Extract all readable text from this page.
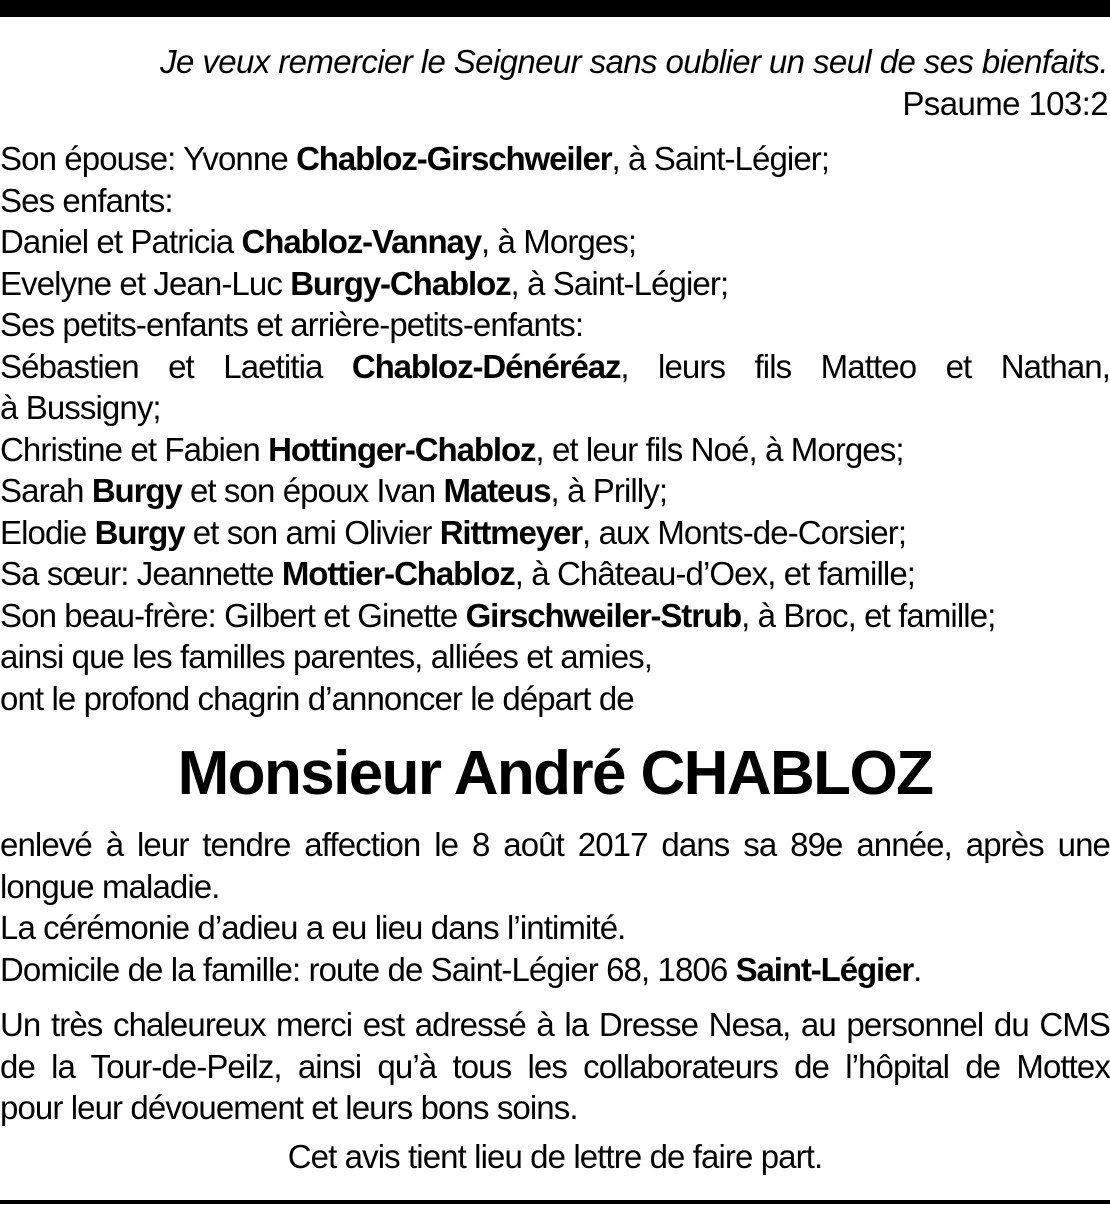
Je veux remercier le Seigneur sans oublier un seul de ses bienfaits.
Psaume 103:2
Son épouse: Yvonne Chabloz-Girschweiler, à Saint-Légier;
Ses enfants:
Daniel et Patricia Chabloz-Vannay, à Morges;
Evelyne et Jean-Luc Burgy-Chabloz, à Saint-Légier;
Ses petits-enfants et arrière-petits-enfants:
Sébastien et Laetitia Chabloz-Dénéréaz, leurs fils Matteo et Nathan,
à Bussigny;
Christine et Fabien Hottinger-Chabloz, et leur fils Noé, à Morges;
Sarah Burgy et son époux Ivan Mateus, à Prilly;
Elodie Burgy et son ami Olivier Rittmeyer, aux Monts-de-Corsier;
Sa sœur: Jeannette Mottier-Chabloz, à Château-d’Oex, et famille;
Son beau-frère: Gilbert et Ginette Girschweiler-Strub, à Broc, et famille;
ainsi que les familles parentes, alliées et amies,
ont le profond chagrin d’annoncer le départ de
Monsieur André CHABLOZ
enlevé à leur tendre affection le 8 août 2017 dans sa 89e année, après une
longue maladie.
La cérémonie d’adieu a eu lieu dans l’intimité.
Domicile de la famille: route de Saint-Légier 68, 1806 Saint-Légier.
Un très chaleureux merci est adressé à la Dresse Nesa, au personnel du CMS
de la Tour-de-Peilz, ainsi qu’à tous les collaborateurs de l’hôpital de Mottex
pour leur dévouement et leurs bons soins.
Cet avis tient lieu de lettre de faire part.
